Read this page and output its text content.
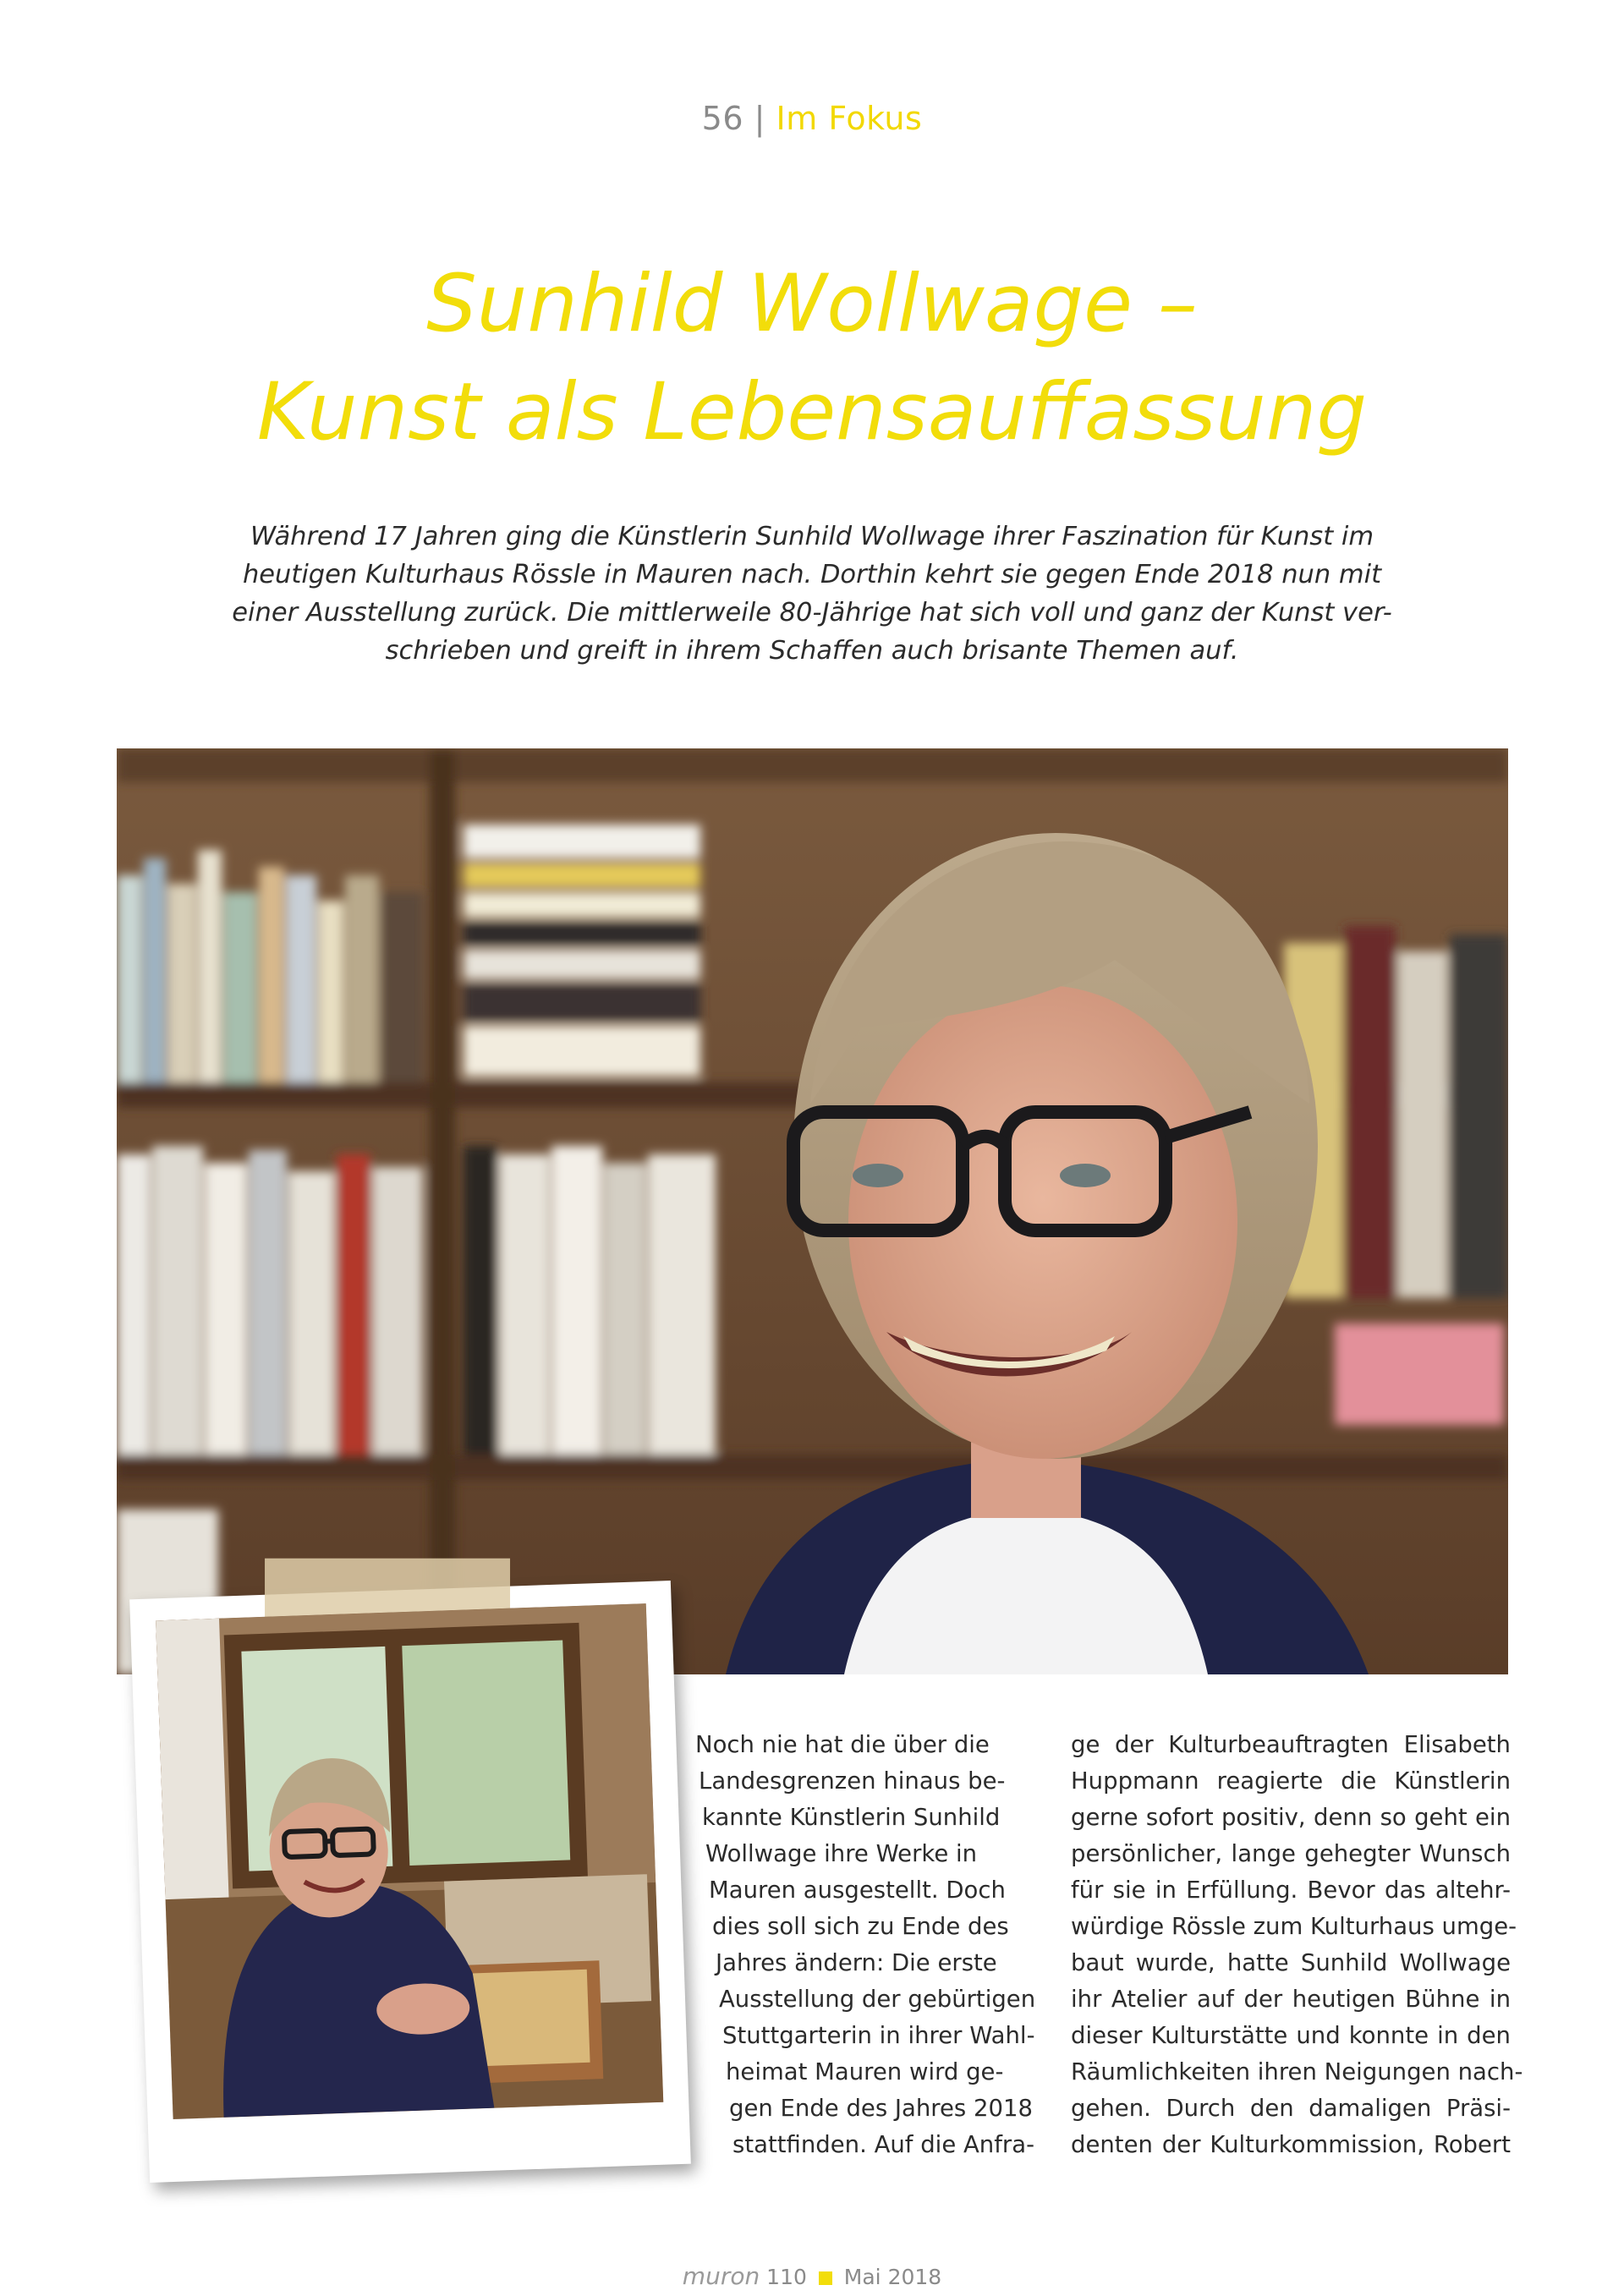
56 | Im Fokus
Sunhild Wollwage –
Kunst als Lebensauffassung
Während 17 Jahren ging die Künstlerin Sunhild Wollwage ihrer Faszination für Kunst im
heutigen Kulturhaus Rössle in Mauren nach. Dorthin kehrt sie gegen Ende 2018 nun mit
einer Ausstellung zurück. Die mittlerweile 80-Jährige hat sich voll und ganz der Kunst ver-
schrieben und greift in ihrem Schaffen auch brisante Themen auf.
Noch nie hat die über die
Landesgrenzen hinaus be-
kannte Künstlerin Sunhild
Wollwage ihre Werke in
Mauren ausgestellt. Doch
dies soll sich zu Ende des
Jahres ändern: Die erste
Ausstellung der gebürtigen
Stuttgarterin in ihrer Wahl-
heimat Mauren wird ge-
gen Ende des Jahres 2018
stattfinden. Auf die Anfra-
ge der Kulturbeauftragten Elisabeth
Huppmann reagierte die Künstlerin
gerne sofort positiv, denn so geht ein
persönlicher, lange gehegter Wunsch
für sie in Erfüllung. Bevor das altehr-
würdige Rössle zum Kulturhaus umge-
baut wurde, hatte Sunhild Wollwage
ihr Atelier auf der heutigen Bühne in
dieser Kulturstätte und konnte in den
Räumlichkeiten ihren Neigungen nach-
gehen. Durch den damaligen Präsi-
denten der Kulturkommission, Robert
muron 110 Mai 2018
